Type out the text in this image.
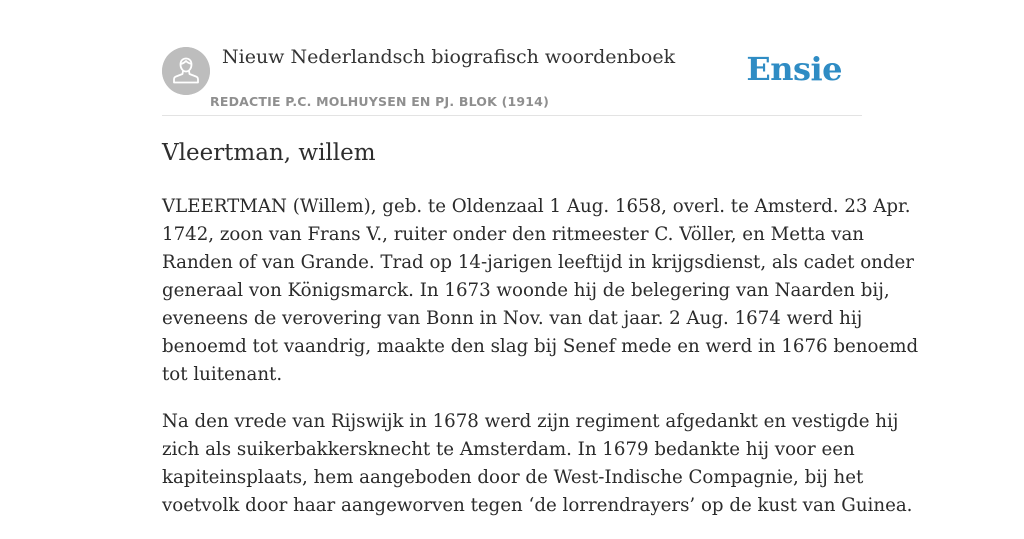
Nieuw Nederlandsch biografisch woordenboek
REDACTIE P.C. MOLHUYSEN EN PJ. BLOK (1914)
Ensie
Vleertman, willem

VLEERTMAN (Willem), geb. te Oldenzaal 1 Aug. 1658, overl. te Amsterd. 23 Apr.
1742, zoon van Frans V., ruiter onder den ritmeester C. Völler, en Metta van
Randen of van Grande. Trad op 14-jarigen leeftijd in krijgsdienst, als cadet onder
generaal von Königsmarck. In 1673 woonde hij de belegering van Naarden bij,
eveneens de verovering van Bonn in Nov. van dat jaar. 2 Aug. 1674 werd hij
benoemd tot vaandrig, maakte den slag bij Senef mede en werd in 1676 benoemd
tot luitenant.

Na den vrede van Rijswijk in 1678 werd zijn regiment afgedankt en vestigde hij
zich als suikerbakkersknecht te Amsterdam. In 1679 bedankte hij voor een
kapiteinsplaats, hem aangeboden door de West-Indische Compagnie, bij het
voetvolk door haar aangeworven tegen ‘de lorrendrayers’ op de kust van Guinea.
